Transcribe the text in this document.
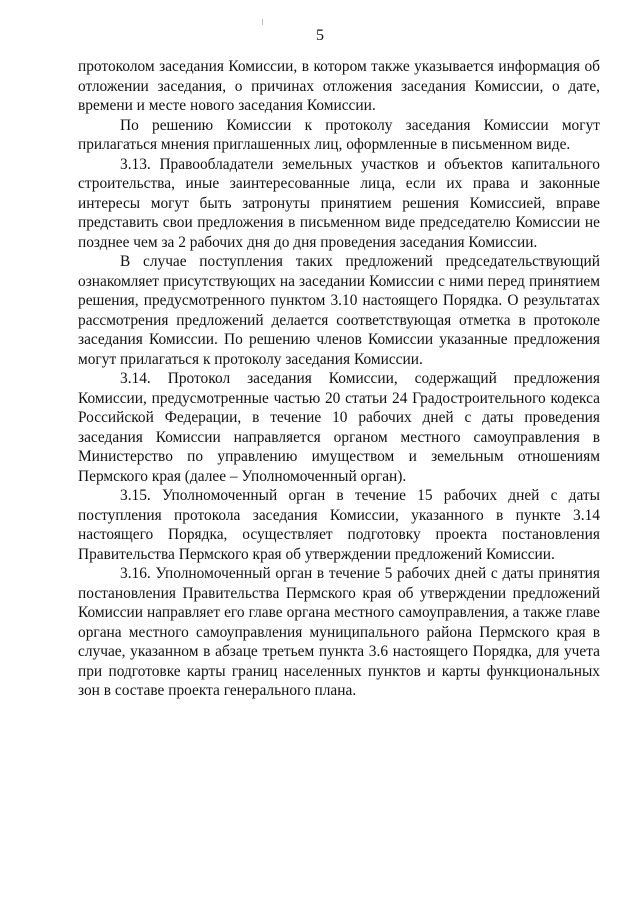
5

протоколом заседания Комиссии, в котором также указывается информация об отложении заседания, о причинах отложения заседания Комиссии, о дате, времени и месте нового заседания Комиссии.

По решению Комиссии к протоколу заседания Комиссии могут прилагаться мнения приглашенных лиц, оформленные в письменном виде.

3.13. Правообладатели земельных участков и объектов капитального строительства, иные заинтересованные лица, если их права и законные интересы могут быть затронуты принятием решения Комиссией, вправе представить свои предложения в письменном виде председателю Комиссии не позднее чем за 2 рабочих дня до дня проведения заседания Комиссии.

В случае поступления таких предложений председательствующий ознакомляет присутствующих на заседании Комиссии с ними перед принятием решения, предусмотренного пунктом 3.10 настоящего Порядка. О результатах рассмотрения предложений делается соответствующая отметка в протоколе заседания Комиссии. По решению членов Комиссии указанные предложения могут прилагаться к протоколу заседания Комиссии.

3.14. Протокол заседания Комиссии, содержащий предложения Комиссии, предусмотренные частью 20 статьи 24 Градостроительного кодекса Российской Федерации, в течение 10 рабочих дней с даты проведения заседания Комиссии направляется органом местного самоуправления в Министерство по управлению имуществом и земельным отношениям Пермского края (далее – Уполномоченный орган).

3.15. Уполномоченный орган в течение 15 рабочих дней с даты поступления протокола заседания Комиссии, указанного в пункте 3.14 настоящего Порядка, осуществляет подготовку проекта постановления Правительства Пермского края об утверждении предложений Комиссии.

3.16. Уполномоченный орган в течение 5 рабочих дней с даты принятия постановления Правительства Пермского края об утверждении предложений Комиссии направляет его главе органа местного самоуправления, а также главе органа местного самоуправления муниципального района Пермского края в случае, указанном в абзаце третьем пункта 3.6 настоящего Порядка, для учета при подготовке карты границ населенных пунктов и карты функциональных зон в составе проекта генерального плана.
